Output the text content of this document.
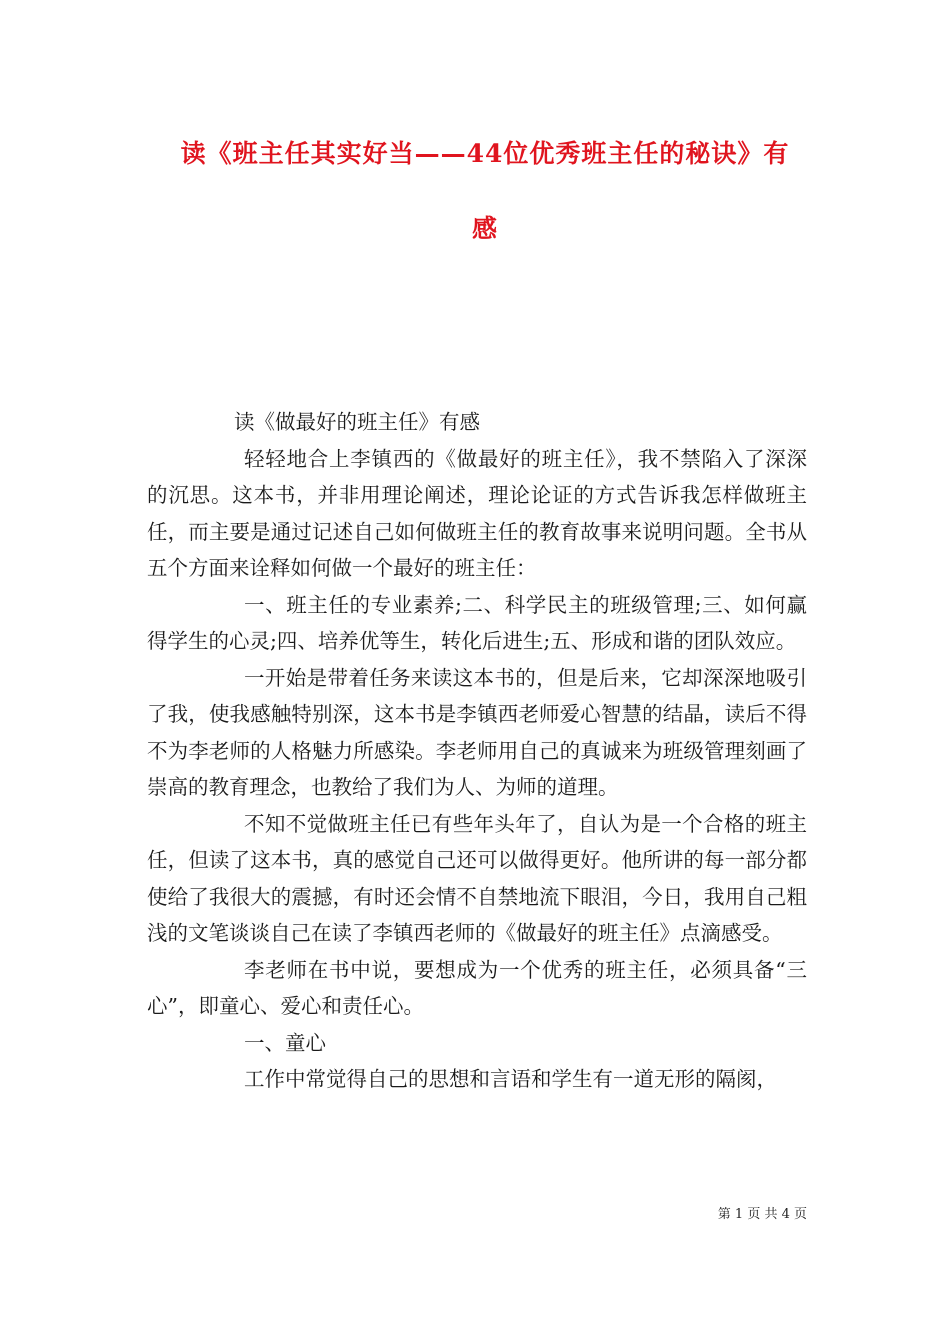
读《班主任其实好当——44位优秀班主任的秘诀》有
感

读《做最好的班主任》有感

轻轻地合上李镇西的《做最好的班主任》，我不禁陷入了深深的沉思。这本书，并非用理论阐述，理论论证的方式告诉我怎样做班主任，而主要是通过记述自己如何做班主任的教育故事来说明问题。全书从五个方面来诠释如何做一个最好的班主任：

一、班主任的专业素养;二、科学民主的班级管理;三、如何赢得学生的心灵;四、培养优等生，转化后进生;五、形成和谐的团队效应。

一开始是带着任务来读这本书的，但是后来，它却深深地吸引了我，使我感触特别深，这本书是李镇西老师爱心智慧的结晶，读后不得不为李老师的人格魅力所感染。李老师用自己的真诚来为班级管理刻画了崇高的教育理念，也教给了我们为人、为师的道理。

不知不觉做班主任已有些年头年了，自认为是一个合格的班主任，但读了这本书，真的感觉自己还可以做得更好。他所讲的每一部分都使给了我很大的震撼，有时还会情不自禁地流下眼泪，今日，我用自己粗浅的文笔谈谈自己在读了李镇西老师的《做最好的班主任》点滴感受。

李老师在书中说，要想成为一个优秀的班主任，必须具备“三心”，即童心、爱心和责任心。

一、童心

工作中常觉得自己的思想和言语和学生有一道无形的隔阂，

第 1 页 共 4 页
